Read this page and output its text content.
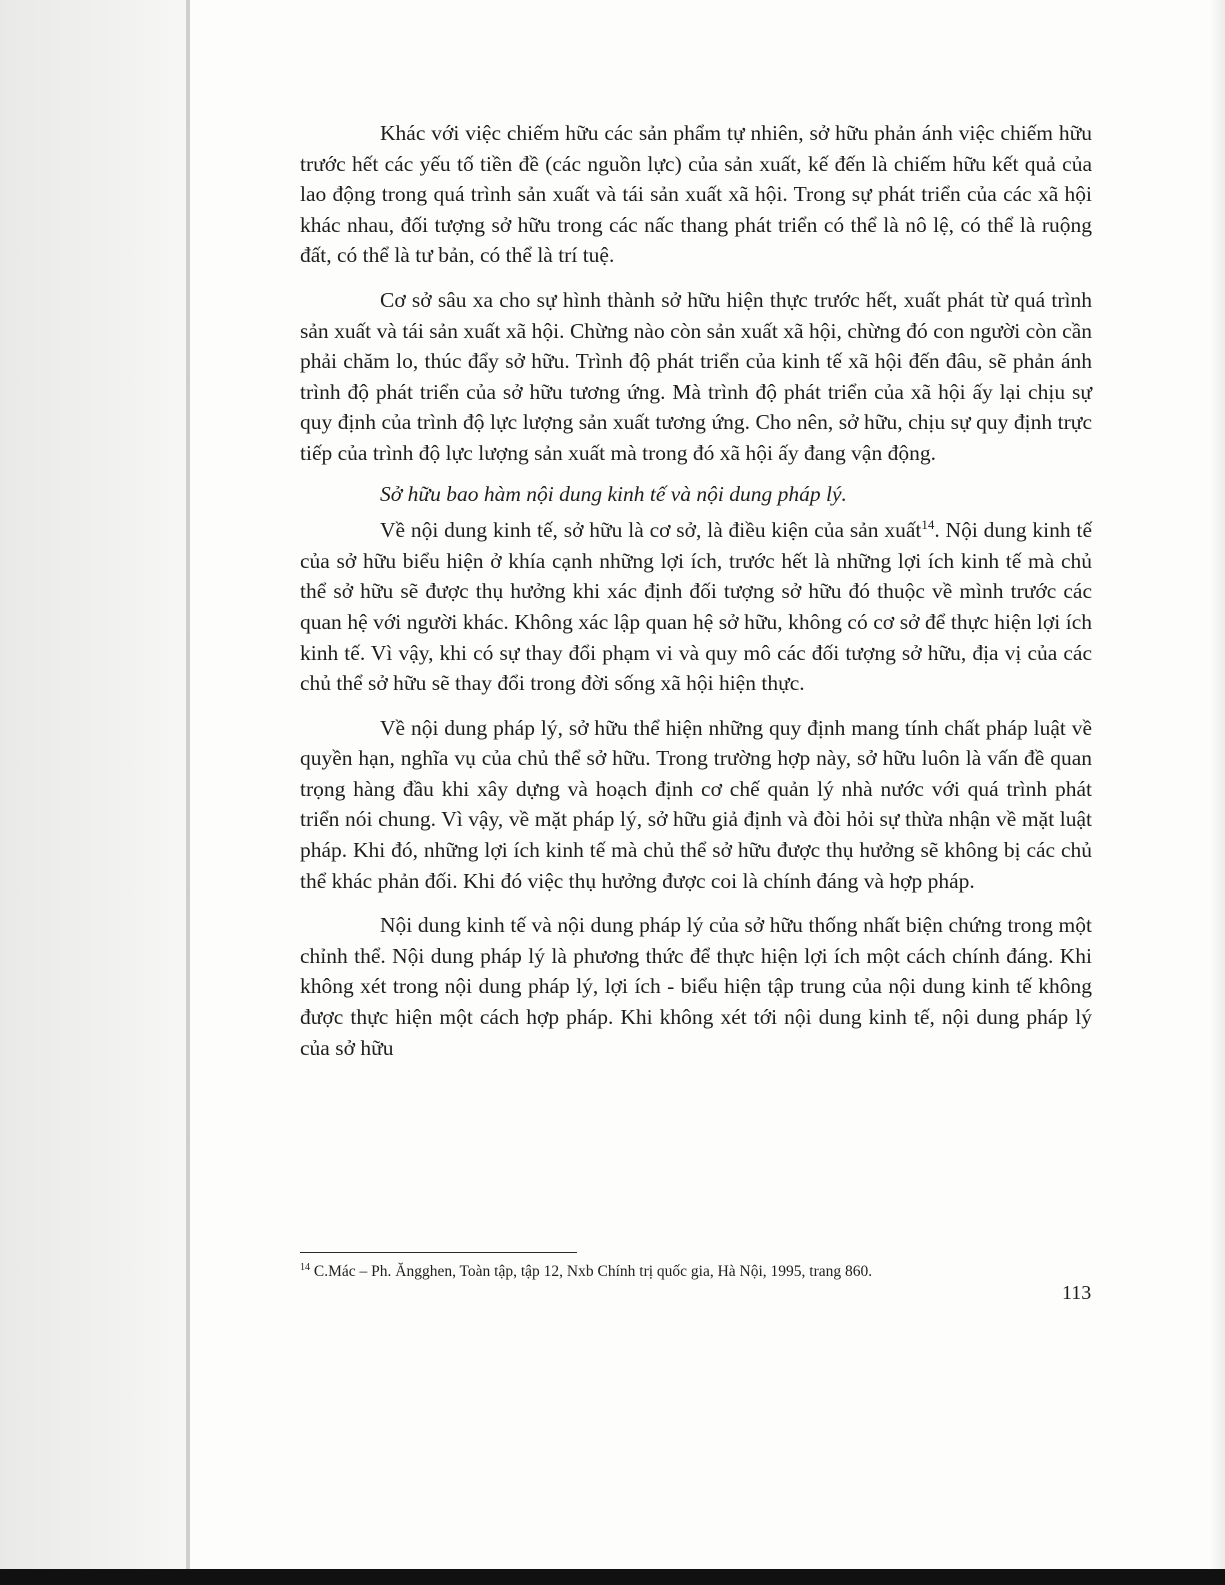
Khác với việc chiếm hữu các sản phẩm tự nhiên, sở hữu phản ánh việc chiếm hữu trước hết các yếu tố tiền đề (các nguồn lực) của sản xuất, kế đến là chiếm hữu kết quả của lao động trong quá trình sản xuất và tái sản xuất xã hội. Trong sự phát triển của các xã hội khác nhau, đối tượng sở hữu trong các nấc thang phát triển có thể là nô lệ, có thể là ruộng đất, có thể là tư bản, có thể là trí tuệ.

Cơ sở sâu xa cho sự hình thành sở hữu hiện thực trước hết, xuất phát từ quá trình sản xuất và tái sản xuất xã hội. Chừng nào còn sản xuất xã hội, chừng đó con người còn cần phải chăm lo, thúc đẩy sở hữu. Trình độ phát triển của kinh tế xã hội đến đâu, sẽ phản ánh trình độ phát triển của sở hữu tương ứng. Mà trình độ phát triển của xã hội ấy lại chịu sự quy định của trình độ lực lượng sản xuất tương ứng. Cho nên, sở hữu, chịu sự quy định trực tiếp của trình độ lực lượng sản xuất mà trong đó xã hội ấy đang vận động.

Sở hữu bao hàm nội dung kinh tế và nội dung pháp lý.

Về nội dung kinh tế, sở hữu là cơ sở, là điều kiện của sản xuất$^{14}$. Nội dung kinh tế của sở hữu biểu hiện ở khía cạnh những lợi ích, trước hết là những lợi ích kinh tế mà chủ thể sở hữu sẽ được thụ hưởng khi xác định đối tượng sở hữu đó thuộc về mình trước các quan hệ với người khác. Không xác lập quan hệ sở hữu, không có cơ sở để thực hiện lợi ích kinh tế. Vì vậy, khi có sự thay đổi phạm vi và quy mô các đối tượng sở hữu, địa vị của các chủ thể sở hữu sẽ thay đổi trong đời sống xã hội hiện thực.

Về nội dung pháp lý, sở hữu thể hiện những quy định mang tính chất pháp luật về quyền hạn, nghĩa vụ của chủ thể sở hữu. Trong trường hợp này, sở hữu luôn là vấn đề quan trọng hàng đầu khi xây dựng và hoạch định cơ chế quản lý nhà nước với quá trình phát triển nói chung. Vì vậy, về mặt pháp lý, sở hữu giả định và đòi hỏi sự thừa nhận về mặt luật pháp. Khi đó, những lợi ích kinh tế mà chủ thể sở hữu được thụ hưởng sẽ không bị các chủ thể khác phản đối. Khi đó việc thụ hưởng được coi là chính đáng và hợp pháp.

Nội dung kinh tế và nội dung pháp lý của sở hữu thống nhất biện chứng trong một chỉnh thể. Nội dung pháp lý là phương thức để thực hiện lợi ích một cách chính đáng. Khi không xét trong nội dung pháp lý, lợi ích - biểu hiện tập trung của nội dung kinh tế không được thực hiện một cách hợp pháp. Khi không xét tới nội dung kinh tế, nội dung pháp lý của sở hữu

$^{14}$ C.Mác – Ph. Ăngghen, Toàn tập, tập 12, Nxb Chính trị quốc gia, Hà Nội, 1995, trang 860.
113
